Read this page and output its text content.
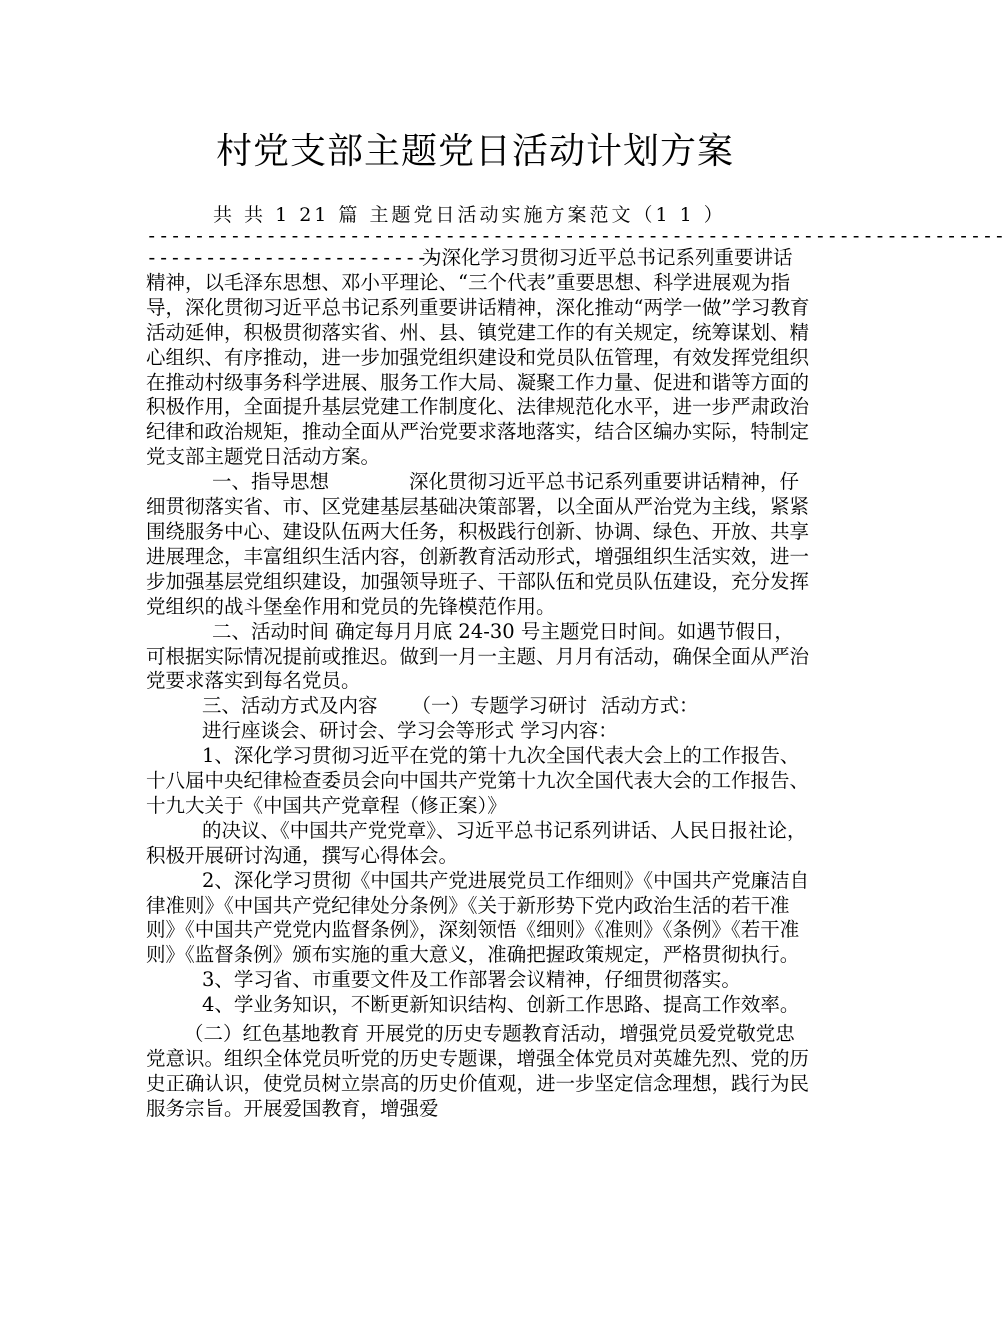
村党支部主题党日活动计划方案
共 共 1 21 篇 主题党日活动实施方案范文（1 1 ）
------------------------------------------------------------------------

-------------------------为深化学习贯彻习近平总书记系列重要讲话精神，以毛泽东思想、邓小平理论、“三个代表”重要思想、科学进展观为指导，深化贯彻习近平总书记系列重要讲话精神，深化推动“两学一做”学习教育活动延伸，积极贯彻落实省、州、县、镇党建工作的有关规定，统筹谋划、精心组织、有序推动，进一步加强党组织建设和党员队伍管理，有效发挥党组织在推动村级事务科学进展、服务工作大局、凝聚工作力量、促进和谐等方面的积极作用，全面提升基层党建工作制度化、法律规范化水平，进一步严肃政治纪律和政治规矩，推动全面从严治党要求落地落实，结合区编办实际，特制定党支部主题党日活动方案。

一、指导思想	深化贯彻习近平总书记系列重要讲话精神，仔细贯彻落实省、市、区党建基层基础决策部署，以全面从严治党为主线，紧紧围绕服务中心、建设队伍两大任务，积极践行创新、协调、绿色、开放、共享进展理念，丰富组织生活内容，创新教育活动形式，增强组织生活实效，进一步加强基层党组织建设，加强领导班子、干部队伍和党员队伍建设，充分发挥党组织的战斗堡垒作用和党员的先锋模范作用。

二、活动时间 确定每月月底 24-30 号主题党日时间。如遇节假日，可根据实际情况提前或推迟。做到一月一主题、月月有活动，确保全面从严治党要求落实到每名党员。

三、活动方式及内容 （一）专题学习研讨 活动方式：

进行座谈会、研讨会、学习会等形式 学习内容：

1、深化学习贯彻习近平在党的第十九次全国代表大会上的工作报告、十八届中央纪律检查委员会向中国共产党第十九次全国代表大会的工作报告、十九大关于《中国共产党章程（修正案）》

的决议、《中国共产党党章》、习近平总书记系列讲话、人民日报社论，积极开展研讨沟通，撰写心得体会。

2、深化学习贯彻《中国共产党进展党员工作细则》《中国共产党廉洁自律准则》《中国共产党纪律处分条例》《关于新形势下党内政治生活的若干准则》《中国共产党党内监督条例》，深刻领悟《细则》《准则》《条例》《若干准则》《监督条例》颁布实施的重大意义，准确把握政策规定，严格贯彻执行。

3、学习省、市重要文件及工作部署会议精神，仔细贯彻落实。

4、学业务知识，不断更新知识结构、创新工作思路、提高工作效率。

（二）红色基地教育 开展党的历史专题教育活动，增强党员爱党敬党忠党意识。组织全体党员听党的历史专题课，增强全体党员对英雄先烈、党的历史正确认识，使党员树立崇高的历史价值观，进一步坚定信念理想，践行为民服务宗旨。开展爱国教育，增强爱
